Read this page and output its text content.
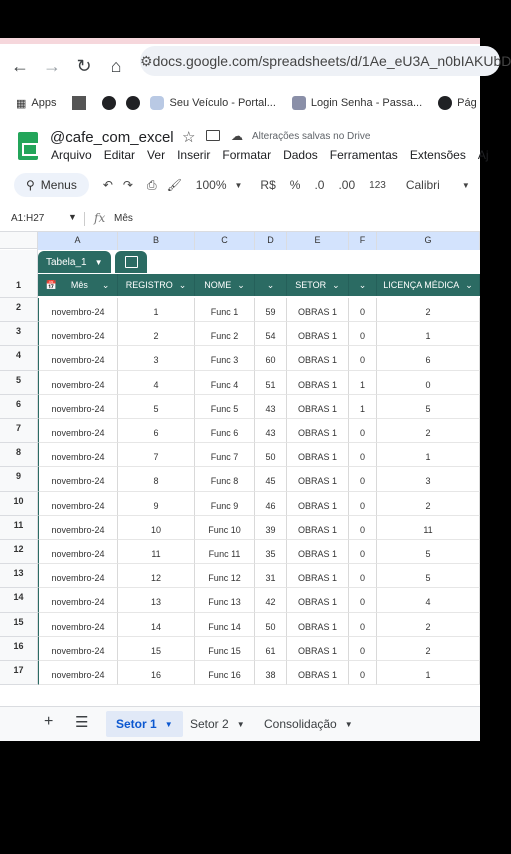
← → ↻	⌂	⚙ docs.google.com/spreadsheets/d/1Ae_eU3A_n0bIAKUbD
▦ Apps	Seu Veículo - Portal...	Login Senha - Passa...	Pág
@cafe_com_excel ☆	☁ Alterações salvas no Drive
Arquivo Editar Ver Inserir Formatar Dados Ferramentas Extensões Aj
⚲ Menus ↶ ↷ ⎙ 🖌 100% ▼ R$ % .0 .00 123 Calibri	▼
A1:H27	▼ fx Mês
A	B	C	D	E	F	G
Tabela_1 ▼
1	📅 Mês ⌄ REGISTRO ⌄ NOME ⌄ ⌄ SETOR ⌄ ⌄ LICENÇA MÉDICA ⌄
+ ☰ Setor 1 ▼ Setor 2 ▼ Consolidação ▼
2	novembro-24	1	Func 1	59	OBRAS 1	0	2
3	novembro-24	2	Func 2	54	OBRAS 1	0	1
4	novembro-24	3	Func 3	60	OBRAS 1	0	6
5	novembro-24	4	Func 4	51	OBRAS 1	1	0
6	novembro-24	5	Func 5	43	OBRAS 1	1	5
7	novembro-24	6	Func 6	43	OBRAS 1	0	2
8	novembro-24	7	Func 7	50	OBRAS 1	0	1
9	novembro-24	8	Func 8	45	OBRAS 1	0	3
10	novembro-24	9	Func 9	46	OBRAS 1	0	2
11	novembro-24	10	Func 10	39	OBRAS 1	0	11
12	novembro-24	11	Func 11	35	OBRAS 1	0	5
13	novembro-24	12	Func 12	31	OBRAS 1	0	5
14	novembro-24	13	Func 13	42	OBRAS 1	0	4
15	novembro-24	14	Func 14	50	OBRAS 1	0	2
16	novembro-24	15	Func 15	61	OBRAS 1	0	2
17	novembro-24	16	Func 16	38	OBRAS 1	0	1
